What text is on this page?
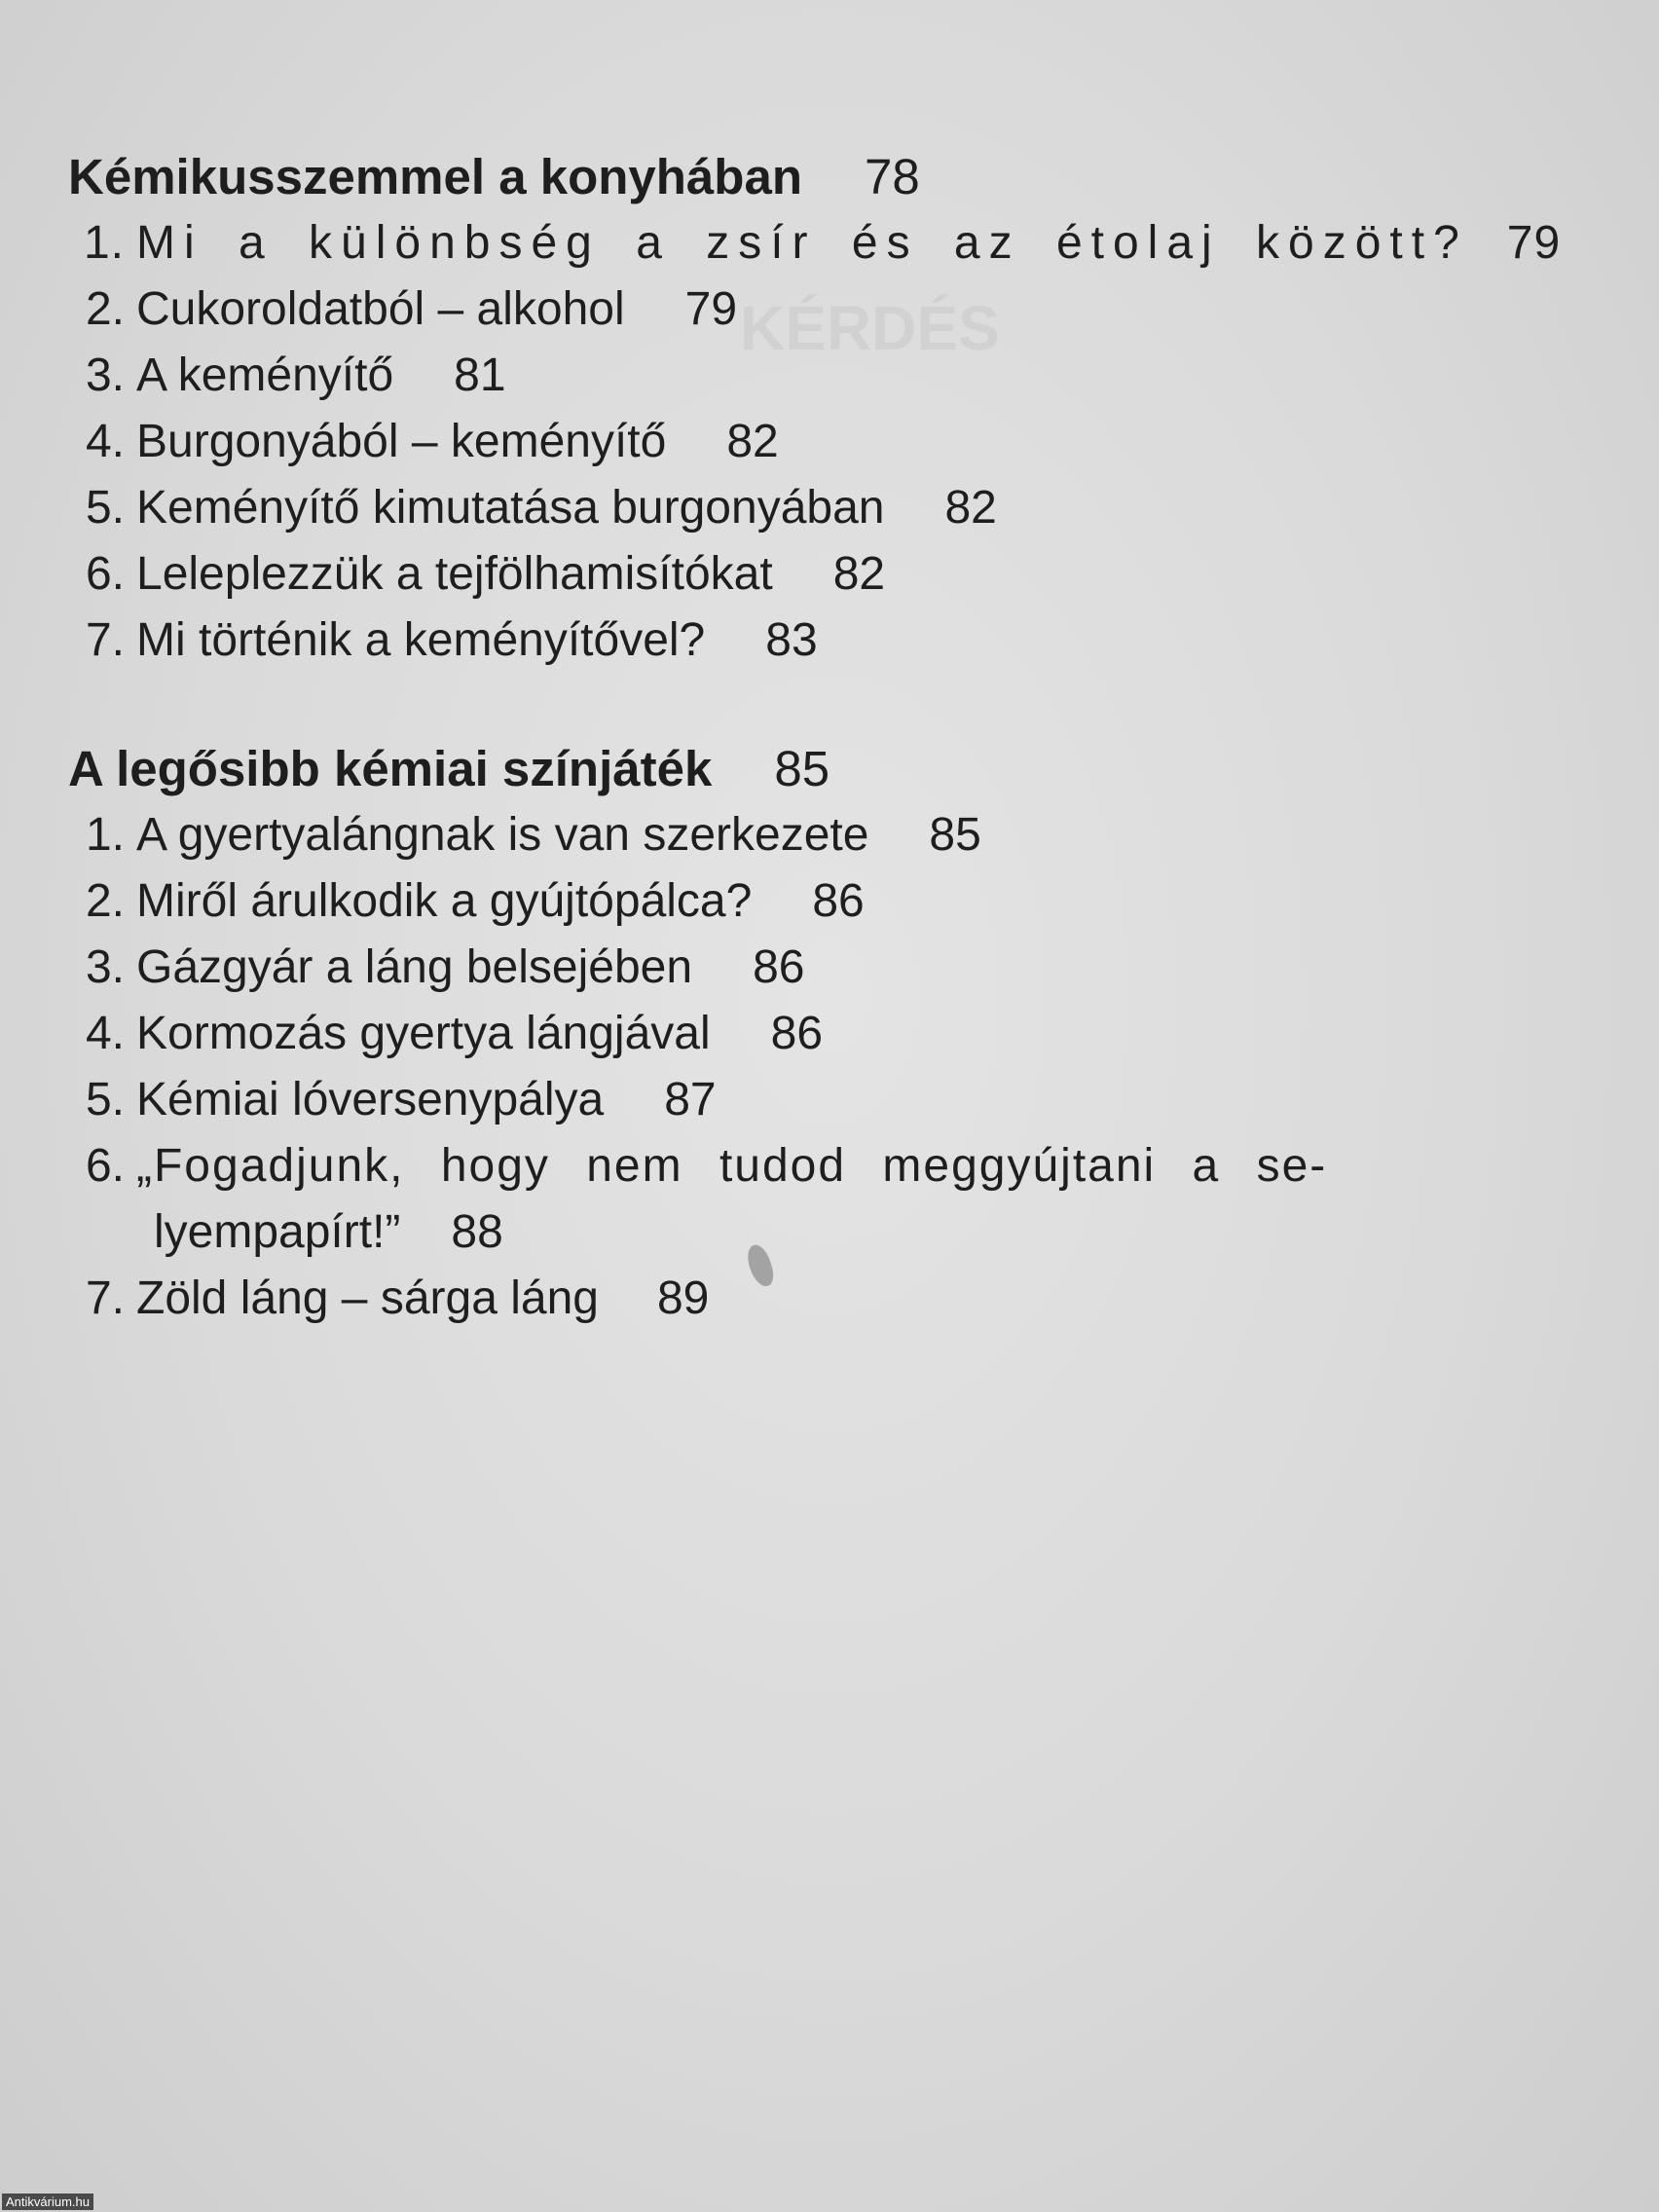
KÉRDÉS
Kémikusszemmel a konyhában 78
1. Mi a különbség a zsír és az étolaj között? 79
2. Cukoroldatból – alkohol 79
3. A keményítő 81
4. Burgonyából – keményítő 82
5. Keményítő kimutatása burgonyában 82
6. Leleplezzük a tejfölhamisítókat 82
7. Mi történik a keményítővel? 83
A legősibb kémiai színjáték 85
1. A gyertyalángnak is van szerkezete 85
2. Miről árulkodik a gyújtópálca? 86
3. Gázgyár a láng belsejében 86
4. Kormozás gyertya lángjával 86
5. Kémiai lóversenypálya 87
6. „Fogadjunk, hogy nem tudod meggyújtani a se-
lyempapírt!” 88
7. Zöld láng – sárga láng 89
Antikvárium.hu
